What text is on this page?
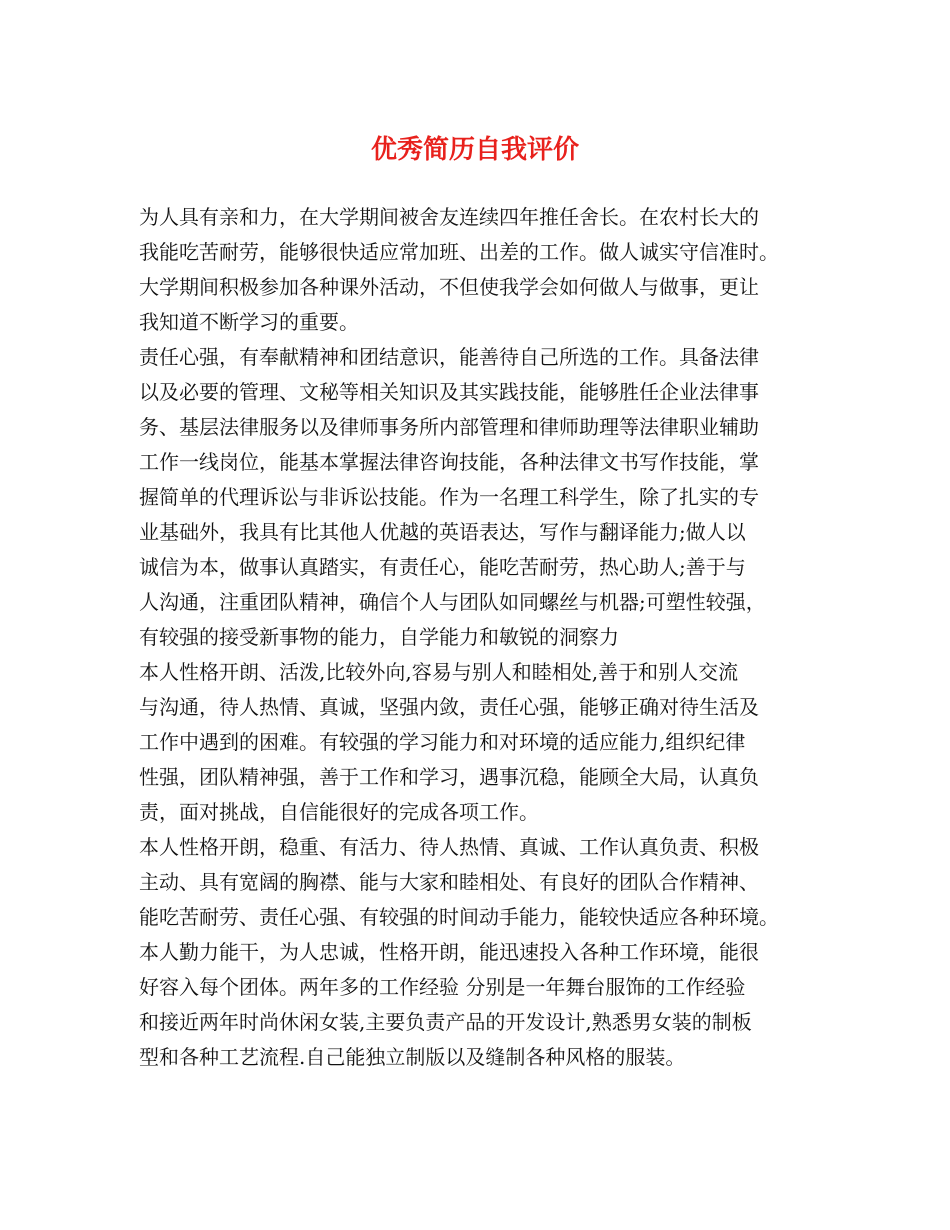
优秀简历自我评价
为人具有亲和力，在大学期间被舍友连续四年推任舍长。在农村长大的
我能吃苦耐劳，能够很快适应常加班、出差的工作。做人诚实守信准时。
大学期间积极参加各种课外活动，不但使我学会如何做人与做事，更让
我知道不断学习的重要。
责任心强，有奉献精神和团结意识，能善待自己所选的工作。具备法律
以及必要的管理、文秘等相关知识及其实践技能，能够胜任企业法律事
务、基层法律服务以及律师事务所内部管理和律师助理等法律职业辅助
工作一线岗位，能基本掌握法律咨询技能，各种法律文书写作技能，掌
握简单的代理诉讼与非诉讼技能。作为一名理工科学生，除了扎实的专
业基础外，我具有比其他人优越的英语表达，写作与翻译能力;做人以
诚信为本，做事认真踏实，有责任心，能吃苦耐劳，热心助人;善于与
人沟通，注重团队精神，确信个人与团队如同螺丝与机器;可塑性较强，
有较强的接受新事物的能力，自学能力和敏锐的洞察力
本人性格开朗、活泼,比较外向,容易与别人和睦相处,善于和别人交流
与沟通，待人热情、真诚，坚强内敛，责任心强，能够正确对待生活及
工作中遇到的困难。有较强的学习能力和对环境的适应能力,组织纪律
性强，团队精神强，善于工作和学习，遇事沉稳，能顾全大局，认真负
责，面对挑战，自信能很好的完成各项工作。
本人性格开朗，稳重、有活力、待人热情、真诚、工作认真负责、积极
主动、具有宽阔的胸襟、能与大家和睦相处、有良好的团队合作精神、
能吃苦耐劳、责任心强、有较强的时间动手能力，能较快适应各种环境。
本人勤力能干，为人忠诚，性格开朗，能迅速投入各种工作环境，能很
好容入每个团体。两年多的工作经验 分别是一年舞台服饰的工作经验
和接近两年时尚休闲女装,主要负责产品的开发设计,熟悉男女装的制板
型和各种工艺流程.自己能独立制版以及缝制各种风格的服装。
